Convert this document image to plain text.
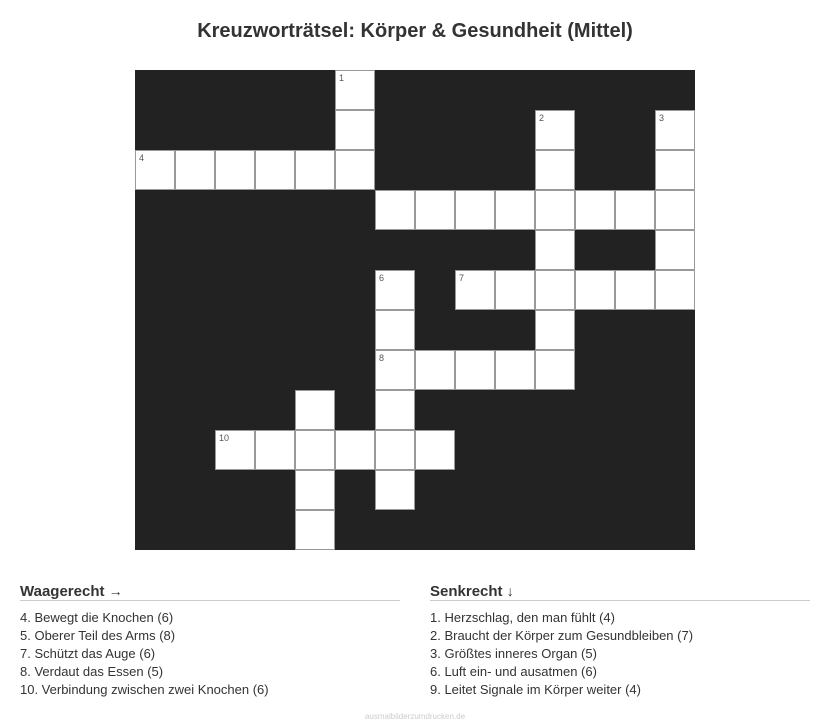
Kreuzworträtsel: Körper & Gesundheit (Mittel)
1
2	3
4
6
8
7
10
Waagerecht →
4. Bewegt die Knochen (6)
5. Oberer Teil des Arms (8)
7. Schützt das Auge (6)
8. Verdaut das Essen (5)
10. Verbindung zwischen zwei Knochen (6)
Senkrecht ↓
1. Herzschlag, den man fühlt (4)
2. Braucht der Körper zum Gesundbleiben (7)
3. Größtes inneres Organ (5)
6. Luft ein- und ausatmen (6)
9. Leitet Signale im Körper weiter (4)
ausmalbilderzumdrucken.de
